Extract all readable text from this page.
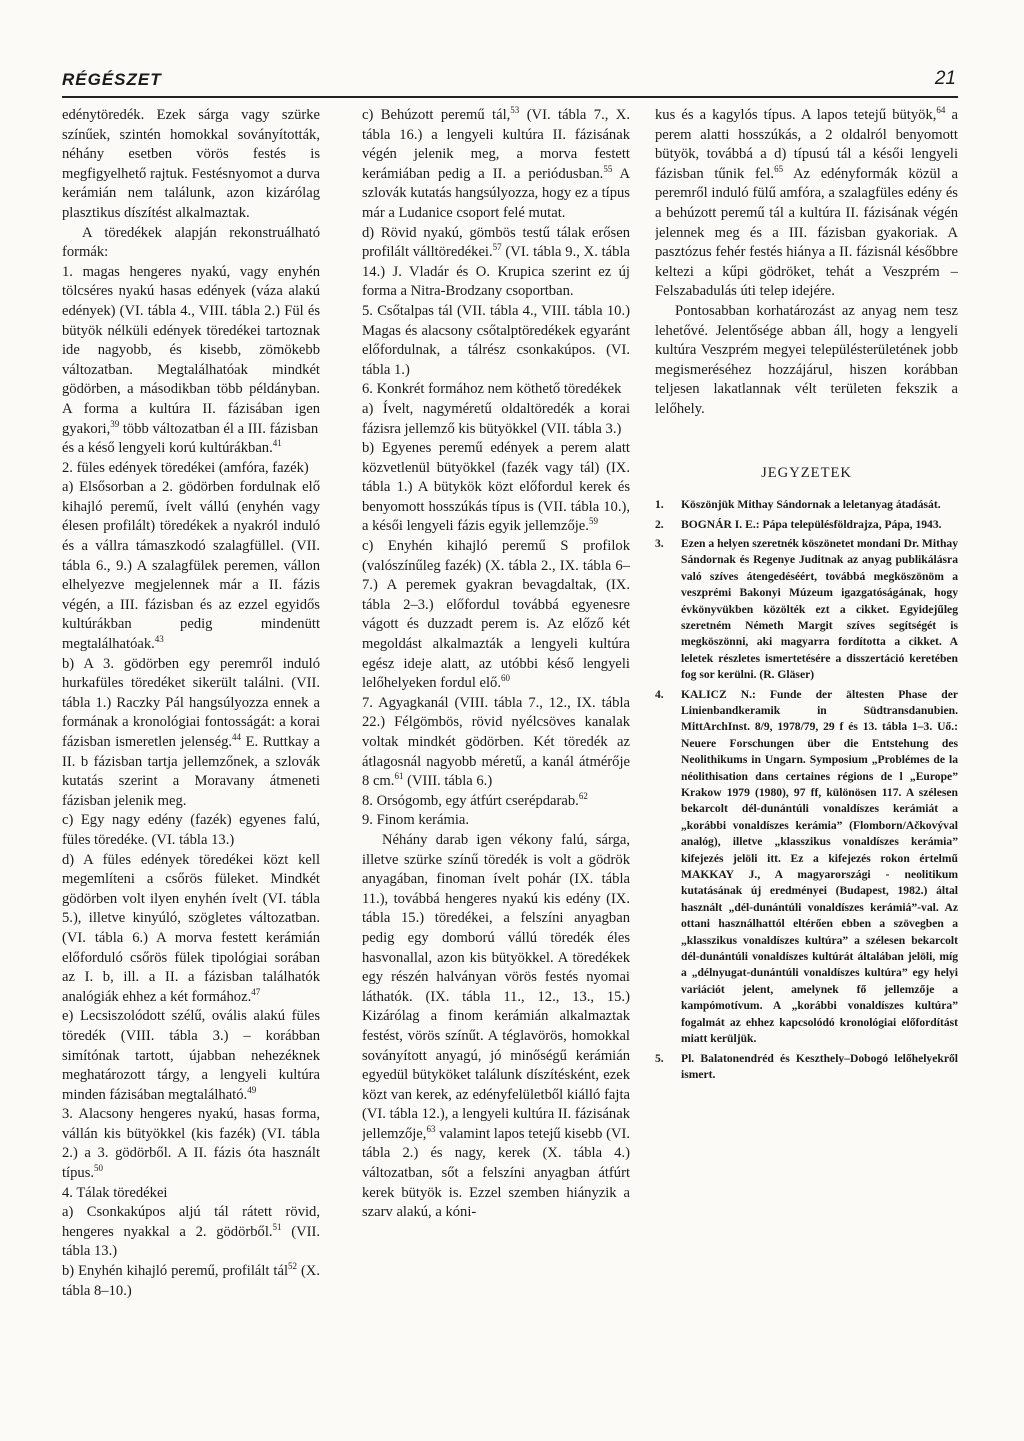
RÉGÉSZET	21

edénytöredék. Ezek sárga vagy szürke színűek, szintén homokkal soványították, néhány esetben vörös festés is megfigyelhető rajtuk. Festésnyomot a durva kerámián nem találunk, azon kizárólag plasztikus díszítést alkalmaztak.

A töredékek alapján rekonstruálható formák:

1. magas hengeres nyakú, vagy enyhén tölcséres nyakú hasas edények (váza alakú edények) (VI. tábla 4., VIII. tábla 2.) Fül és bütyök nélküli edények töredékei tartoznak ide nagyobb, és kisebb, zömökebb változatban. Megtalálhatóak mindkét gödörben, a másodikban több példányban. A forma a kultúra II. fázisában igen gyakori,$^{39}$ több változatban él a III. fázisban

és a késő lengyeli korú kultúrákban.$^{41}$

2. füles edények töredékei (amfóra, fazék)

a) Elsősorban a 2. gödörben fordulnak elő kihajló peremű, ívelt vállú (enyhén vagy élesen profilált) töredékek a nyakról induló és a vállra támaszkodó szalagfüllel. (VII. tábla 6., 9.) A szalagfülek peremen, vállon elhelyezve megjelennek már a II. fázis végén, a III. fázisban és az ezzel egyidős kultúrákban pedig mindenütt megtalálhatóak.$^{43}$

b) A 3. gödörben egy peremről induló hurkafüles töredéket sikerült találni. (VII. tábla 1.) Raczky Pál hangsúlyozza ennek a formának a kronológiai fontosságát: a korai fázisban ismeretlen jelenség.$^{44}$ E. Ruttkay a II. b fázisban tartja jellemzőnek, a szlovák kutatás szerint a Moravany átmeneti fázisban jelenik meg.

c) Egy nagy edény (fazék) egyenes falú, füles töredéke. (VI. tábla 13.)

d) A füles edények töredékei közt kell megemlíteni a csőrös füleket. Mindkét gödörben volt ilyen enyhén ívelt (VI. tábla 5.), illetve kinyúló, szögletes változatban. (VI. tábla 6.) A morva festett kerámián előforduló csőrös fülek tipológiai sorában az I. b, ill. a II. a fázisban találhatók analógiák ehhez a két formához.$^{47}$

e) Lecsiszolódott szélű, ovális alakú füles töredék (VIII. tábla 3.) – korábban simítónak tartott, újabban nehezéknek meghatározott tárgy, a lengyeli kultúra minden fázisában megtalálható.$^{49}$

3. Alacsony hengeres nyakú, hasas forma, vállán kis bütyökkel (kis fazék) (VI. tábla 2.) a 3. gödörből. A II. fázis óta használt típus.$^{50}$

4. Tálak töredékei

a) Csonkakúpos aljú tál rátett rövid, hengeres nyakkal a 2. gödörből.$^{51}$ (VII. tábla 13.)

b) Enyhén kihajló peremű, profilált tál$^{52}$ (X. tábla 8–10.)

c) Behúzott peremű tál,$^{53}$ (VI. tábla 7., X. tábla 16.) a lengyeli kultúra II. fázisának végén jelenik meg, a morva festett kerámiában pedig a II. a periódusban.$^{55}$ A szlovák kutatás hangsúlyozza, hogy ez a típus már a Ludanice csoport felé mutat.

d) Rövid nyakú, gömbös testű tálak erősen profilált válltöredékei.$^{57}$ (VI. tábla 9., X. tábla 14.) J. Vladár és O. Krupica szerint ez új forma a Nitra-Brodzany csoportban.

5. Csőtalpas tál (VII. tábla 4., VIII. tábla 10.) Magas és alacsony csőtalptöredékek egyaránt előfordulnak, a tálrész csonkakúpos. (VI. tábla 1.)

6. Konkrét formához nem köthető töredékek

a) Ívelt, nagyméretű oldaltöredék a korai fázisra jellemző kis bütyökkel (VII. tábla 3.)

b) Egyenes peremű edények a perem alatt közvetlenül bütyökkel (fazék vagy tál) (IX. tábla 1.) A bütykök közt előfordul kerek és benyomott hosszúkás típus is (VII. tábla 10.), a késői lengyeli fázis egyik jellemzője.$^{59}$

c) Enyhén kihajló peremű S profilok (valószínűleg fazék) (X. tábla 2., IX. tábla 6–7.) A peremek gyakran bevagdaltak, (IX. tábla 2–3.) előfordul továbbá egyenesre vágott és duzzadt perem is. Az előző két megoldást alkalmazták a lengyeli kultúra egész ideje alatt, az utóbbi késő lengyeli lelőhelyeken fordul elő.$^{60}$

7. Agyagkanál (VIII. tábla 7., 12., IX. tábla 22.) Félgömbös, rövid nyélcsöves kanalak voltak mindkét gödörben. Két töredék az átlagosnál nagyobb méretű, a kanál átmérője 8 cm.$^{61}$ (VIII. tábla 6.)

8. Orsógomb, egy átfúrt cserépdarab.$^{62}$

9. Finom kerámia.

Néhány darab igen vékony falú, sárga, illetve szürke színű töredék is volt a gödrök anyagában, finoman ívelt pohár (IX. tábla 11.), továbbá hengeres nyakú kis edény (IX. tábla 15.) töredékei, a felszíni anyagban pedig egy domború vállú töredék éles hasvonallal, azon kis bütyökkel. A töredékek egy részén halványan vörös festés nyomai láthatók. (IX. tábla 11., 12., 13., 15.) Kizárólag a finom kerámián alkalmaztak festést, vörös színűt. A téglavörös, homokkal soványított anyagú, jó minőségű kerámián egyedül bütyköket találunk díszítésként, ezek közt van kerek, az edényfelületből kiálló fajta (VI. tábla 12.), a lengyeli kultúra II. fázisának jellemzője,$^{63}$ valamint lapos tetejű kisebb (VI. tábla 2.) és nagy, kerek (X. tábla 4.) változatban, sőt a felszíni anyagban átfúrt kerek bütyök is. Ezzel szemben hiányzik a szarv alakú, a kóni-

kus és a kagylós típus. A lapos tetejű bütyök,$^{64}$ a perem alatti hosszúkás, a 2 oldalról benyomott bütyök, továbbá a d) típusú tál a késői lengyeli fázisban tűnik fel.$^{65}$ Az edényformák közül a peremről induló fülű amfóra, a szalagfüles edény és a behúzott peremű tál a kultúra II. fázisának végén jelennek meg és a III. fázisban gyakoriak. A pasztózus fehér festés hiánya a II. fázisnál későbbre keltezi a kűpi gödröket, tehát a Veszprém – Felszabadulás úti telep idejére.

Pontosabban korhatározást az anyag nem tesz lehetővé. Jelentősége abban áll, hogy a lengyeli kultúra Veszprém megyei településterületének jobb megismeréséhez hozzájárul, hiszen korábban teljesen lakatlannak vélt területen fekszik a lelőhely.

JEGYZETEK
1.	Köszönjük Mithay Sándornak a leletanyag átadását.
2.	BOGNÁR I. E.: Pápa településföldrajza, Pápa, 1943.
3.	Ezen a helyen szeretnék köszönetet mondani Dr. Mithay Sándornak és Regenye Juditnak az anyag publikálásra való szíves átengedéséért, továbbá megköszönöm a veszprémi Bakonyi Múzeum igazgatóságának, hogy évkönyvükben közölték ezt a cikket. Egyidejűleg szeretném Németh Margit szíves segítségét is megköszönni, aki magyarra fordította a cikket. A leletek részletes ismertetésére a disszertáció keretében fog sor kerülni. (R. Gläser)
4.	KALICZ N.: Funde der ältesten Phase der Linienbandkeramik in Südtransdanubien. MittArchInst. 8/9, 1978/79, 29 f és 13. tábla 1–3. Uő.: Neuere Forschungen über die Entstehung des Neolithikums in Ungarn. Symposium „Problémes de la néolithisation dans certaines régions de l „Europe” Krakow 1979 (1980), 97 ff, különösen 117. A szélesen bekarcolt dél-dunántúli vonaldíszes kerámiát a „korábbi vonaldíszes kerámia” (Flomborn/Ačkovýval analóg), illetve „klasszikus vonaldíszes kerámia” kifejezés jelöli itt. Ez a kifejezés rokon értelmű MAKKAY J., A magyarországi - neolitikum kutatásának új eredményei (Budapest, 1982.) által használt „dél-dunántúli vonaldíszes kerámiá”-val. Az ottani használhattól eltérően ebben a szövegben a „klasszikus vonaldíszes kultúra” a szélesen bekarcolt dél-dunántúli vonaldíszes kultúrát általában jelöli, míg a „délnyugat-dunántúli vonaldíszes kultúra” egy helyi variációt jelent, amelynek fő jellemzője a kampómotívum. A „korábbi vonaldíszes kultúra” fogalmát az ehhez kapcsolódó kronológiai előfordítást miatt kerüljük.
5.	Pl. Balatonendréd és Keszthely–Dobogó lelőhelyekről ismert.
